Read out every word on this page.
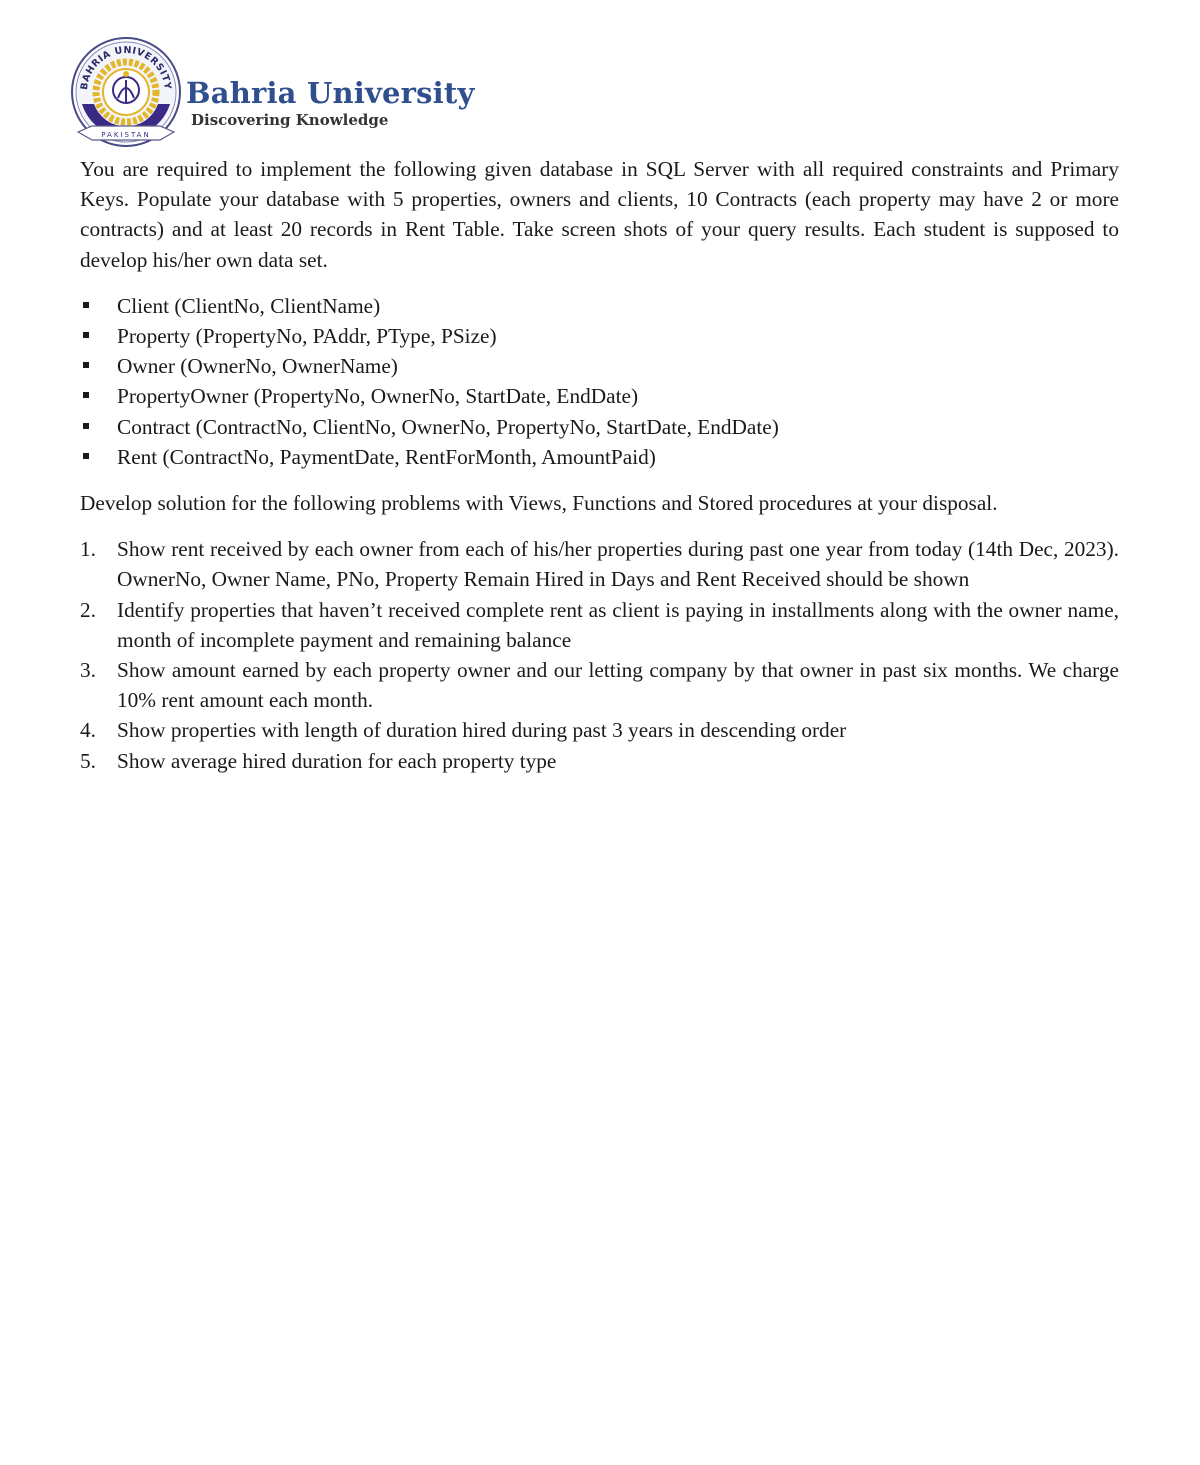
BAHRIA UNIVERSITY
PAKISTAN
Bahria University
Discovering Knowledge

You are required to implement the following given database in SQL Server with all required constraints and Primary Keys. Populate your database with 5 properties, owners and clients, 10 Contracts (each property may have 2 or more contracts) and at least 20 records in Rent Table. Take screen shots of your query results. Each student is supposed to develop his/her own data set.

Client (ClientNo, ClientName)
Property (PropertyNo, PAddr, PType, PSize)
Owner (OwnerNo, OwnerName)
PropertyOwner (PropertyNo, OwnerNo, StartDate, EndDate)
Contract (ContractNo, ClientNo, OwnerNo, PropertyNo, StartDate, EndDate)
Rent (ContractNo, PaymentDate, RentForMonth, AmountPaid)

Develop solution for the following problems with Views, Functions and Stored procedures at your disposal.

1. Show rent received by each owner from each of his/her properties during past one year from today (14th Dec, 2023). OwnerNo, Owner Name, PNo, Property Remain Hired in Days and Rent Received should be shown
2. Identify properties that haven’t received complete rent as client is paying in installments along with the owner name, month of incomplete payment and remaining balance
3. Show amount earned by each property owner and our letting company by that owner in past six months. We charge 10% rent amount each month.
4. Show properties with length of duration hired during past 3 years in descending order
5. Show average hired duration for each property type
